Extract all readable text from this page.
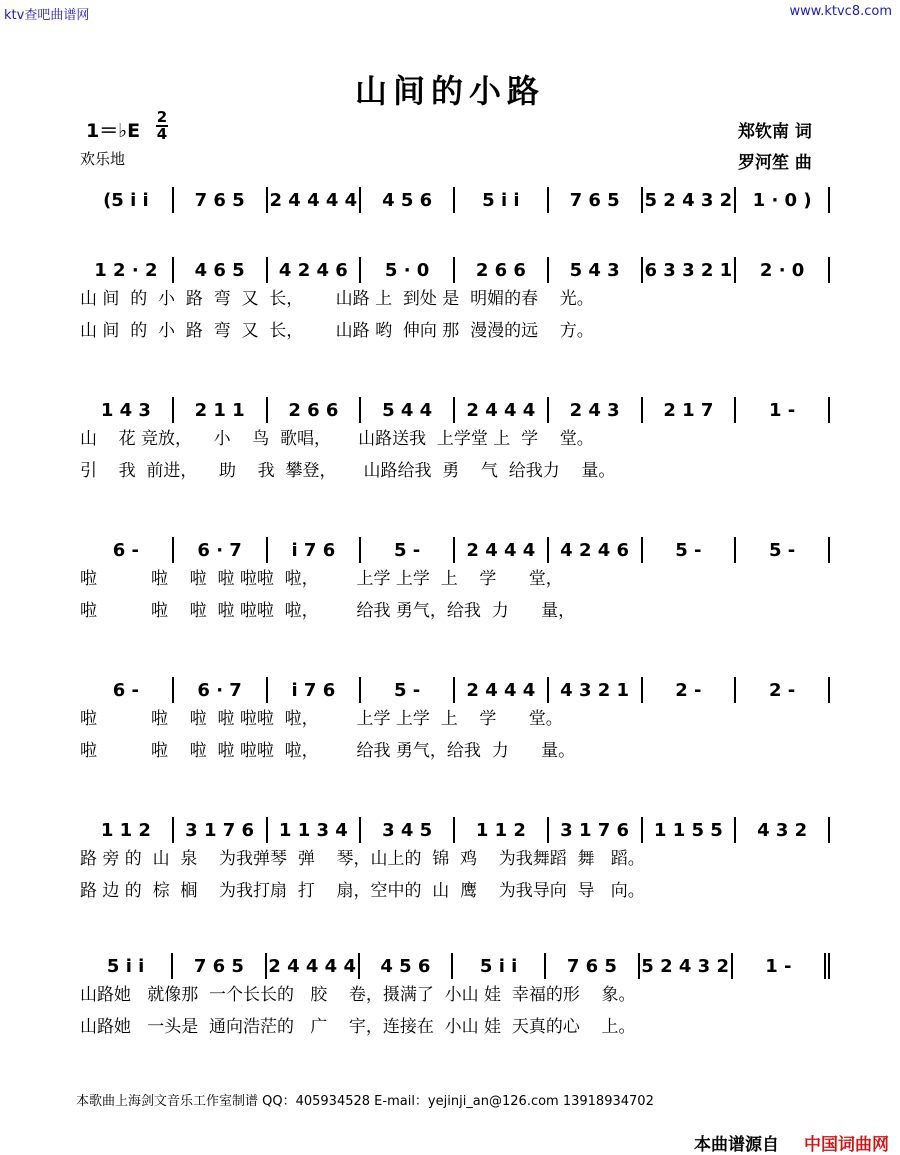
ktv查吧曲谱网	www.ktvc8.com
山间的小路
1＝♭E
2
4
欢乐地
郑钦南 词
罗河笙 曲
(5 i i	7 6 5	2 4 4 4 4	4 5 6	5 i i	7 6 5	5 2 4 3 2	1 · 0 )
1 2 · 2	4 6 5	4 2 4 6	5 · 0	2 6 6	5 4 3	6 3 3 2 1	2 · 0
山 间  的  小  路  弯  又  长，      山路 上  到处 是  明媚的春    光。
山 间  的  小  路  弯  又  长，      山路 哟  伸向 那  漫漫的远    方。
1 4 3	2 1 1	2 6 6	5 4 4	2 4 4 4	2 4 3	2 1 7	1 -
山    花 竞放，    小    鸟  歌唱，     山路送我  上学堂 上  学    堂。
引    我  前进，    助    我  攀登，     山路给我  勇    气  给我力    量。
6 -	6 · 7	i 7 6	5 -	2 4 4 4	4 2 4 6	5 -	5 -
啦          啦    啦  啦 啦啦  啦，       上学 上学  上    学      堂，
啦          啦    啦  啦 啦啦  啦，       给我 勇气，给我  力      量，
6 -	6 · 7	i 7 6	5 -	2 4 4 4	4 3 2 1	2 -	2 -
啦          啦    啦  啦 啦啦  啦，       上学 上学  上    学      堂。
啦          啦    啦  啦 啦啦  啦，       给我 勇气，给我  力      量。
1 1 2	3 1 7 6	1 1 3 4	3 4 5	1 1 2	3 1 7 6	1 1 5 5	4 3 2
路 旁 的  山  泉    为我弹琴  弹    琴，山上的  锦  鸡    为我舞蹈  舞   蹈。
路 边 的  棕  榈    为我打扇  打    扇，空中的  山  鹰    为我导向  导   向。
5 i i	7 6 5	2 4 4 4 4	4 5 6	5 i i	7 6 5	5 2 4 3 2	1 -
山路她   就像那  一个长长的   胶    卷，摄满了  小山 娃  幸福的形    象。
山路她   一头是  通向浩茫的   广    宇，连接在  小山 娃  天真的心    上。
本歌曲上海剑文音乐工作室制谱 QQ：405934528 E-mail：yejinji_an@126.com 13918934702
本曲谱源自 中国词曲网
